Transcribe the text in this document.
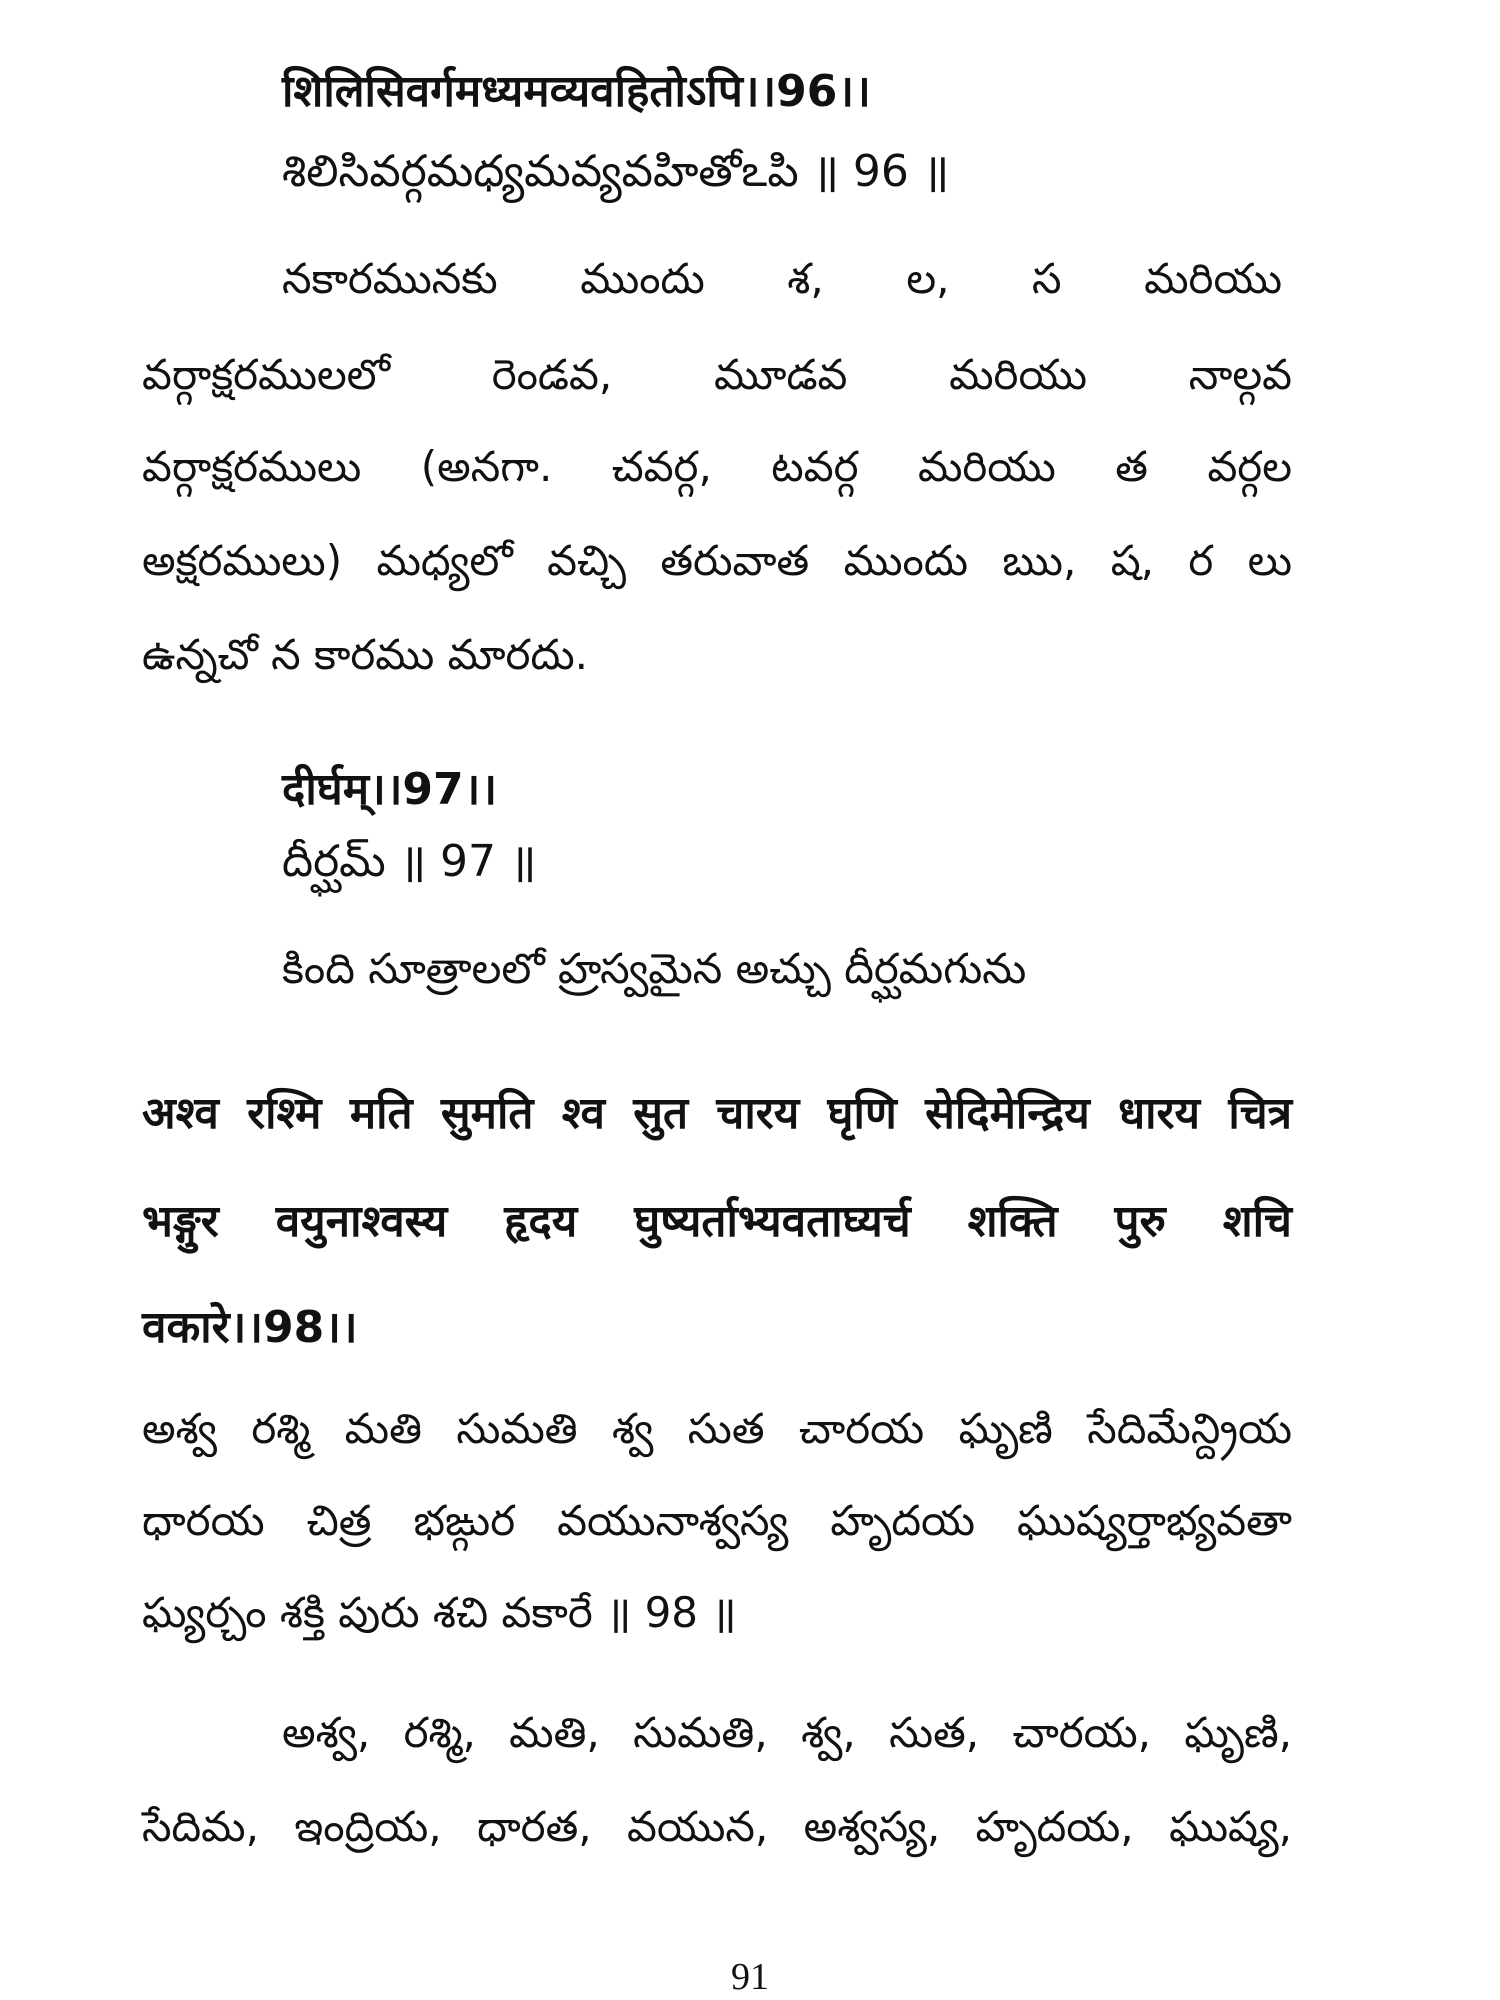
शिलिसिवर्गमध्यमव्यवहितोऽपि।।96।।
శిలిసివర్గమధ్యమవ్యవహితోఽపి ॥ 96 ॥
నకారమునకు ముందు శ, ల, స మరియు
వర్గాక్షరములలో రెండవ, మూడవ మరియు నాల్గవ
వర్గాక్షరములు (అనగా. చవర్గ, టవర్గ మరియు త వర్గల
అక్షరములు) మధ్యలో వచ్చి తరువాత ముందు ఋ, ష, ర లు
ఉన్నచో న కారము మారదు.
दीर्घम्।।97।।
దీర్ఘమ్ ॥ 97 ॥
కింది సూత్రాలలో హ్రస్వమైన అచ్చు దీర్ఘమగును
अश्व रश्मि मति सुमति श्व सुत चारय घृणि सेदिमेन्द्रिय धारय चित्र
भङ्गुर वयुनाश्वस्य हृदय घुष्यर्ताभ्यवताघ्यर्च शक्ति पुरु शचि
वकारे।।98।।
అశ్వ రశ్మి మతి సుమతి శ్వ సుత చారయ ఘృణి సేదిమేన్ద్రియ
ధారయ చిత్ర భఙ్గుర వయునాశ్వస్య హృదయ ఘుష్యర్తాభ్యవతా
ఘ్యర్చం శక్తి పురు శచి వకారే ॥ 98 ॥
అశ్వ, రశ్మి, మతి, సుమతి, శ్వ, సుత, చారయ, ఘృణి,
సేదిమ, ఇంద్రియ, ధారత, వయున, అశ్వస్య, హృదయ, ఘుష్య,
91
